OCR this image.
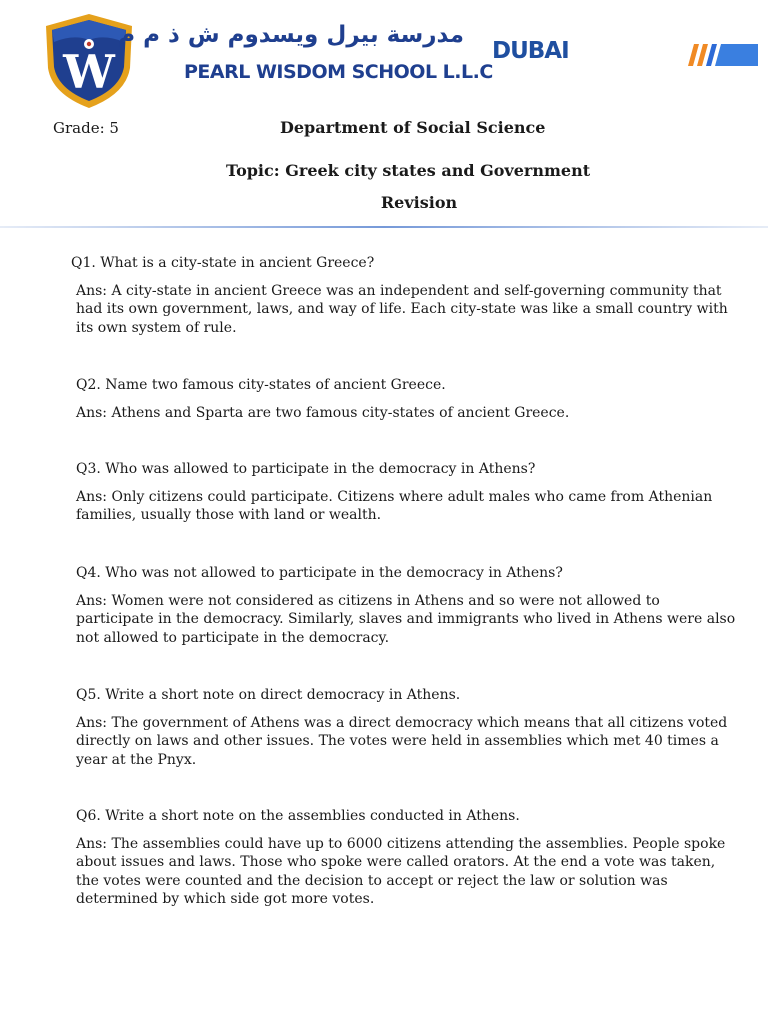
W
مدرسة بيرل ويسدوم ش ذ م م
PEARL WISDOM SCHOOL L.L.C
DUBAI
Grade: 5	Department of Social Science
Topic: Greek city states and Government
Revision

Q1. What is a city-state in ancient Greece?

Ans: A city-state in ancient Greece was an independent and self-governing community that had its own government, laws, and way of life. Each city-state was like a small country with its own system of rule.

Q2. Name two famous city-states of ancient Greece.

Ans: Athens and Sparta are two famous city-states of ancient Greece.

Q3. Who was allowed to participate in the democracy in Athens?

Ans: Only citizens could participate. Citizens where adult males who came from Athenian families, usually those with land or wealth.

Q4. Who was not allowed to participate in the democracy in Athens?

Ans: Women were not considered as citizens in Athens and so were not allowed to participate in the democracy. Similarly, slaves and immigrants who lived in Athens were also not allowed to participate in the democracy.

Q5. Write a short note on direct democracy in Athens.

Ans: The government of Athens was a direct democracy which means that all citizens voted directly on laws and other issues. The votes were held in assemblies which met 40 times a year at the Pnyx.

Q6. Write a short note on the assemblies conducted in Athens.

Ans: The assemblies could have up to 6000 citizens attending the assemblies. People spoke about issues and laws. Those who spoke were called orators. At the end a vote was taken, the votes were counted and the decision to accept or reject the law or solution was determined by which side got more votes.
